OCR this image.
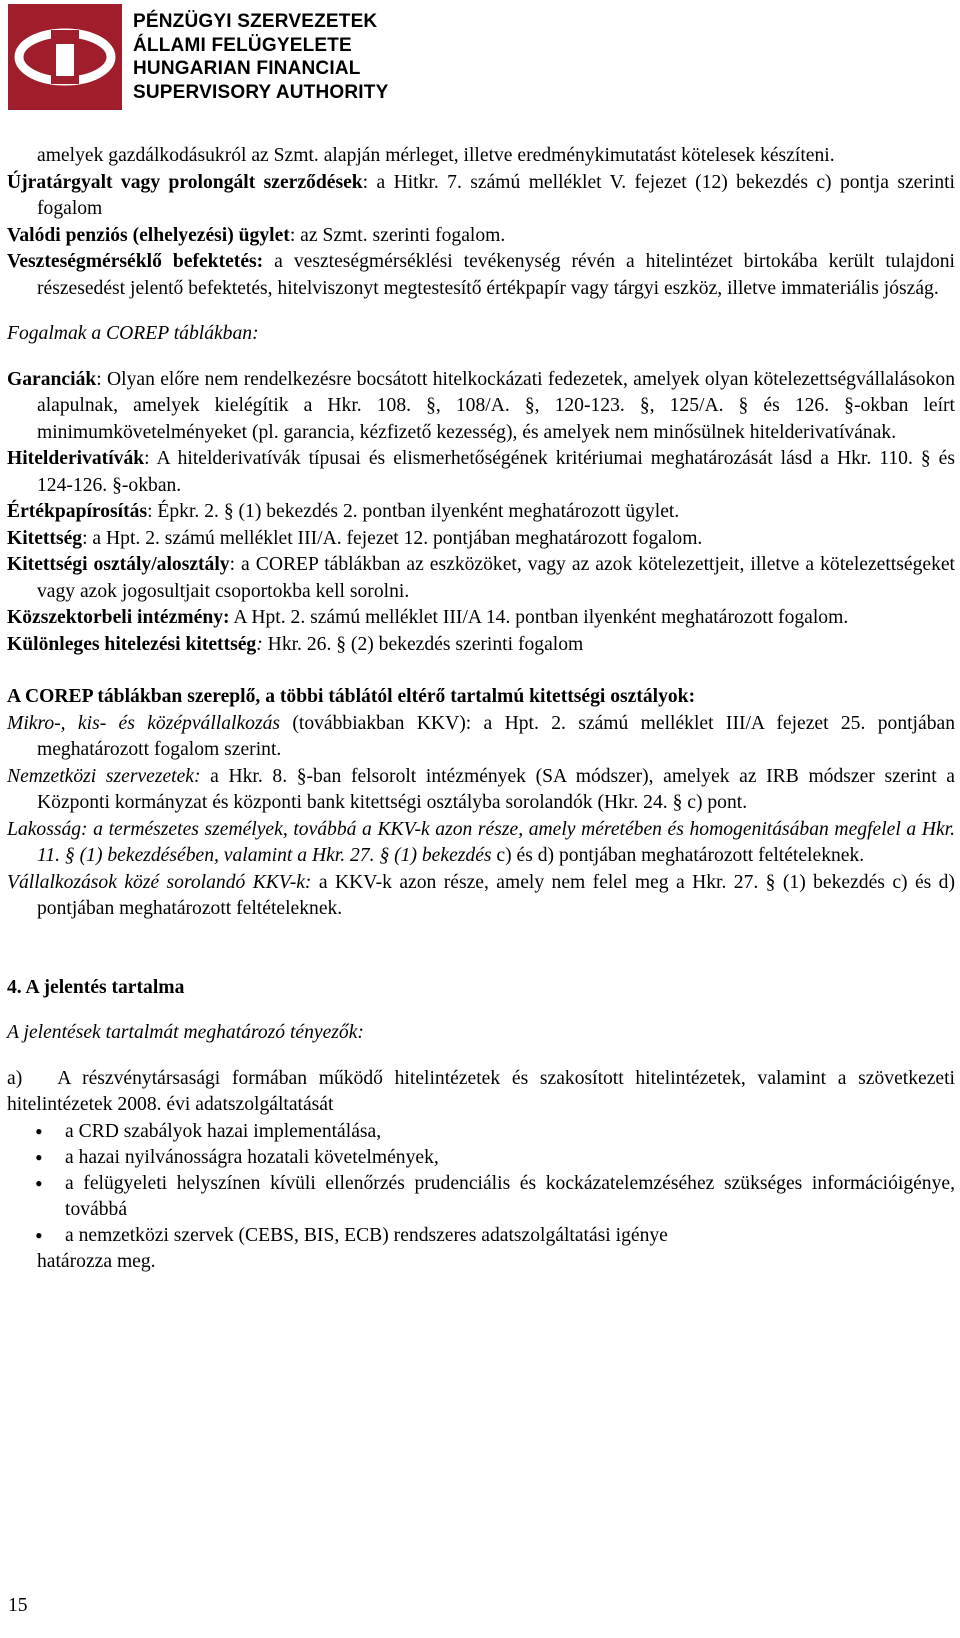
PÉNZÜGYI SZERVEZETEK
ÁLLAMI FELÜGYELETE
HUNGARIAN FINANCIAL
SUPERVISORY AUTHORITY

amelyek gazdálkodásukról az Szmt. alapján mérleget, illetve eredménykimutatást kötelesek készíteni.

Újratárgyalt vagy prolongált szerződések: a Hitkr. 7. számú melléklet V. fejezet (12) bekezdés c) pontja szerinti fogalom

Valódi penziós (elhelyezési) ügylet: az Szmt. szerinti fogalom.

Veszteségmérséklő befektetés: a veszteségmérséklési tevékenység révén a hitelintézet birtokába került tulajdoni részesedést jelentő befektetés, hitelviszonyt megtestesítő értékpapír vagy tárgyi eszköz, illetve immateriális jószág.

Fogalmak a COREP táblákban:

Garanciák: Olyan előre nem rendelkezésre bocsátott hitelkockázati fedezetek, amelyek olyan kötelezettségvállalásokon alapulnak, amelyek kielégítik a Hkr. 108. §, 108/A. §, 120-123. §, 125/A. § és 126. §-okban leírt minimumkövetelményeket (pl. garancia, kézfizető kezesség), és amelyek nem minősülnek hitelderivatívának.

Hitelderivatívák: A hitelderivatívák típusai és elismerhetőségének kritériumai meghatározását lásd a Hkr. 110. § és 124-126. §-okban.

Értékpapírosítás: Épkr. 2. § (1) bekezdés 2. pontban ilyenként meghatározott ügylet.

Kitettség: a Hpt. 2. számú melléklet III/A. fejezet 12. pontjában meghatározott fogalom.

Kitettségi osztály/alosztály: a COREP táblákban az eszközöket, vagy az azok kötelezettjeit, illetve a kötelezettségeket vagy azok jogosultjait csoportokba kell sorolni.

Közszektorbeli intézmény: A Hpt. 2. számú melléklet III/A 14. pontban ilyenként meghatározott fogalom.

Különleges hitelezési kitettség: Hkr. 26. § (2) bekezdés szerinti fogalom

A COREP táblákban szereplő, a többi táblától eltérő tartalmú kitettségi osztályok:

Mikro-, kis- és középvállalkozás (továbbiakban KKV): a Hpt. 2. számú melléklet III/A fejezet 25. pontjában meghatározott fogalom szerint.

Nemzetközi szervezetek: a Hkr. 8. §-ban felsorolt intézmények (SA módszer), amelyek az IRB módszer szerint a Központi kormányzat és központi bank kitettségi osztályba sorolandók (Hkr. 24. § c) pont.

Lakosság: a természetes személyek, továbbá a KKV-k azon része, amely méretében és homogenitásában megfelel a Hkr. 11. § (1) bekezdésében, valamint a Hkr. 27. § (1) bekezdés c) és d) pontjában meghatározott feltételeknek.

Vállalkozások közé sorolandó KKV-k: a KKV-k azon része, amely nem felel meg a Hkr. 27. § (1) bekezdés c) és d) pontjában meghatározott feltételeknek.

4. A jelentés tartalma

A jelentések tartalmát meghatározó tényezők:

a)   A részvénytársasági formában működő hitelintézetek és szakosított hitelintézetek, valamint a szövetkezeti hitelintézetek 2008. évi adatszolgáltatását

• a CRD szabályok hazai implementálása,
• a hazai nyilvánosságra hozatali követelmények,
• a felügyeleti helyszínen kívüli ellenőrzés prudenciális és kockázatelemzéséhez szükséges információigénye, továbbá
• a nemzetközi szervek (CEBS, BIS, ECB) rendszeres adatszolgáltatási igénye

határozza meg.

15
